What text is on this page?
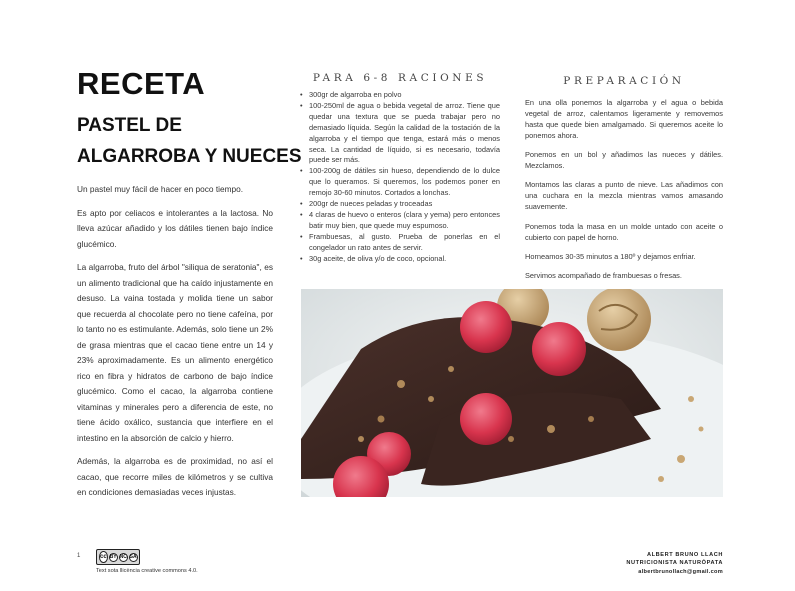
RECETA
PASTEL DE ALGARROBA Y NUECES

Un pastel muy fácil de hacer en poco tiempo.

Es apto por celiacos e intolerantes a la lactosa. No lleva azúcar añadido y los dátiles tienen bajo índice glucémico.

La algarroba, fruto del árbol "siliqua de seratonia", es un alimento tradicional que ha caído injustamente en desuso. La vaina tostada y molida tiene un sabor que recuerda al chocolate pero no tiene cafeína, por lo tanto no es estimulante. Además, solo tiene un 2% de grasa mientras que el cacao tiene entre un 14 y 23% aproximadamente. Es un alimento energético rico en fibra y hidratos de carbono de bajo índice glucémico. Como el cacao, la algarroba contiene vitaminas y minerales pero a diferencia de este, no tiene ácido oxálico, sustancia que interfiere en el intestino en la absorción de calcio y hierro.

Además, la algarroba es de proximidad, no así el cacao, que recorre miles de kilómetros y se cultiva en condiciones demasiadas veces injustas.

PARA 6-8 RACIONES
• 300gr de algarroba en polvo
• 100-250ml de agua o bebida vegetal de arroz. Tiene que quedar una textura que se pueda trabajar pero no demasiado líquida. Según la calidad de la tostación de la algarroba y el tiempo que tenga, estará más o menos seca. La cantidad de líquido, si es necesario, todavía puede ser más.
• 100-200g de dátiles sin hueso, dependiendo de lo dulce que lo queramos. Si queremos, los podemos poner en remojo 30-60 minutos. Cortados a lonchas.
• 200gr de nueces peladas y troceadas
• 4 claras de huevo o enteros (clara y yema) pero entonces batir muy bien, que quede muy espumoso.
• Frambuesas, al gusto. Prueba de ponerlas en el congelador un rato antes de servir.
• 30g aceite, de oliva y/o de coco, opcional.
PREPARACIÓN

En una olla ponemos la algarroba y el agua o bebida vegetal de arroz, calentamos ligeramente y removemos hasta que quede bien amalgamado. Si queremos aceite lo ponemos ahora.

Ponemos en un bol y añadimos las nueces y dátiles. Mezclamos.

Montamos las claras a punto de nieve. Las añadimos con una cuchara en la mezcla mientras vamos amasando suavemente.

Ponemos toda la masa en un molde untado con aceite o cubierto con papel de horno.

Horneamos 30-35 minutos a 180º y dejamos enfriar.

Servimos acompañado de frambuesas o fresas.

1	cc BY NC SA
Text sota llicència creative commons 4.0.
ALBERT BRUNO LLACH
NUTRICIONISTA NATURÒPATA
albertbrunollach@gmail.com
